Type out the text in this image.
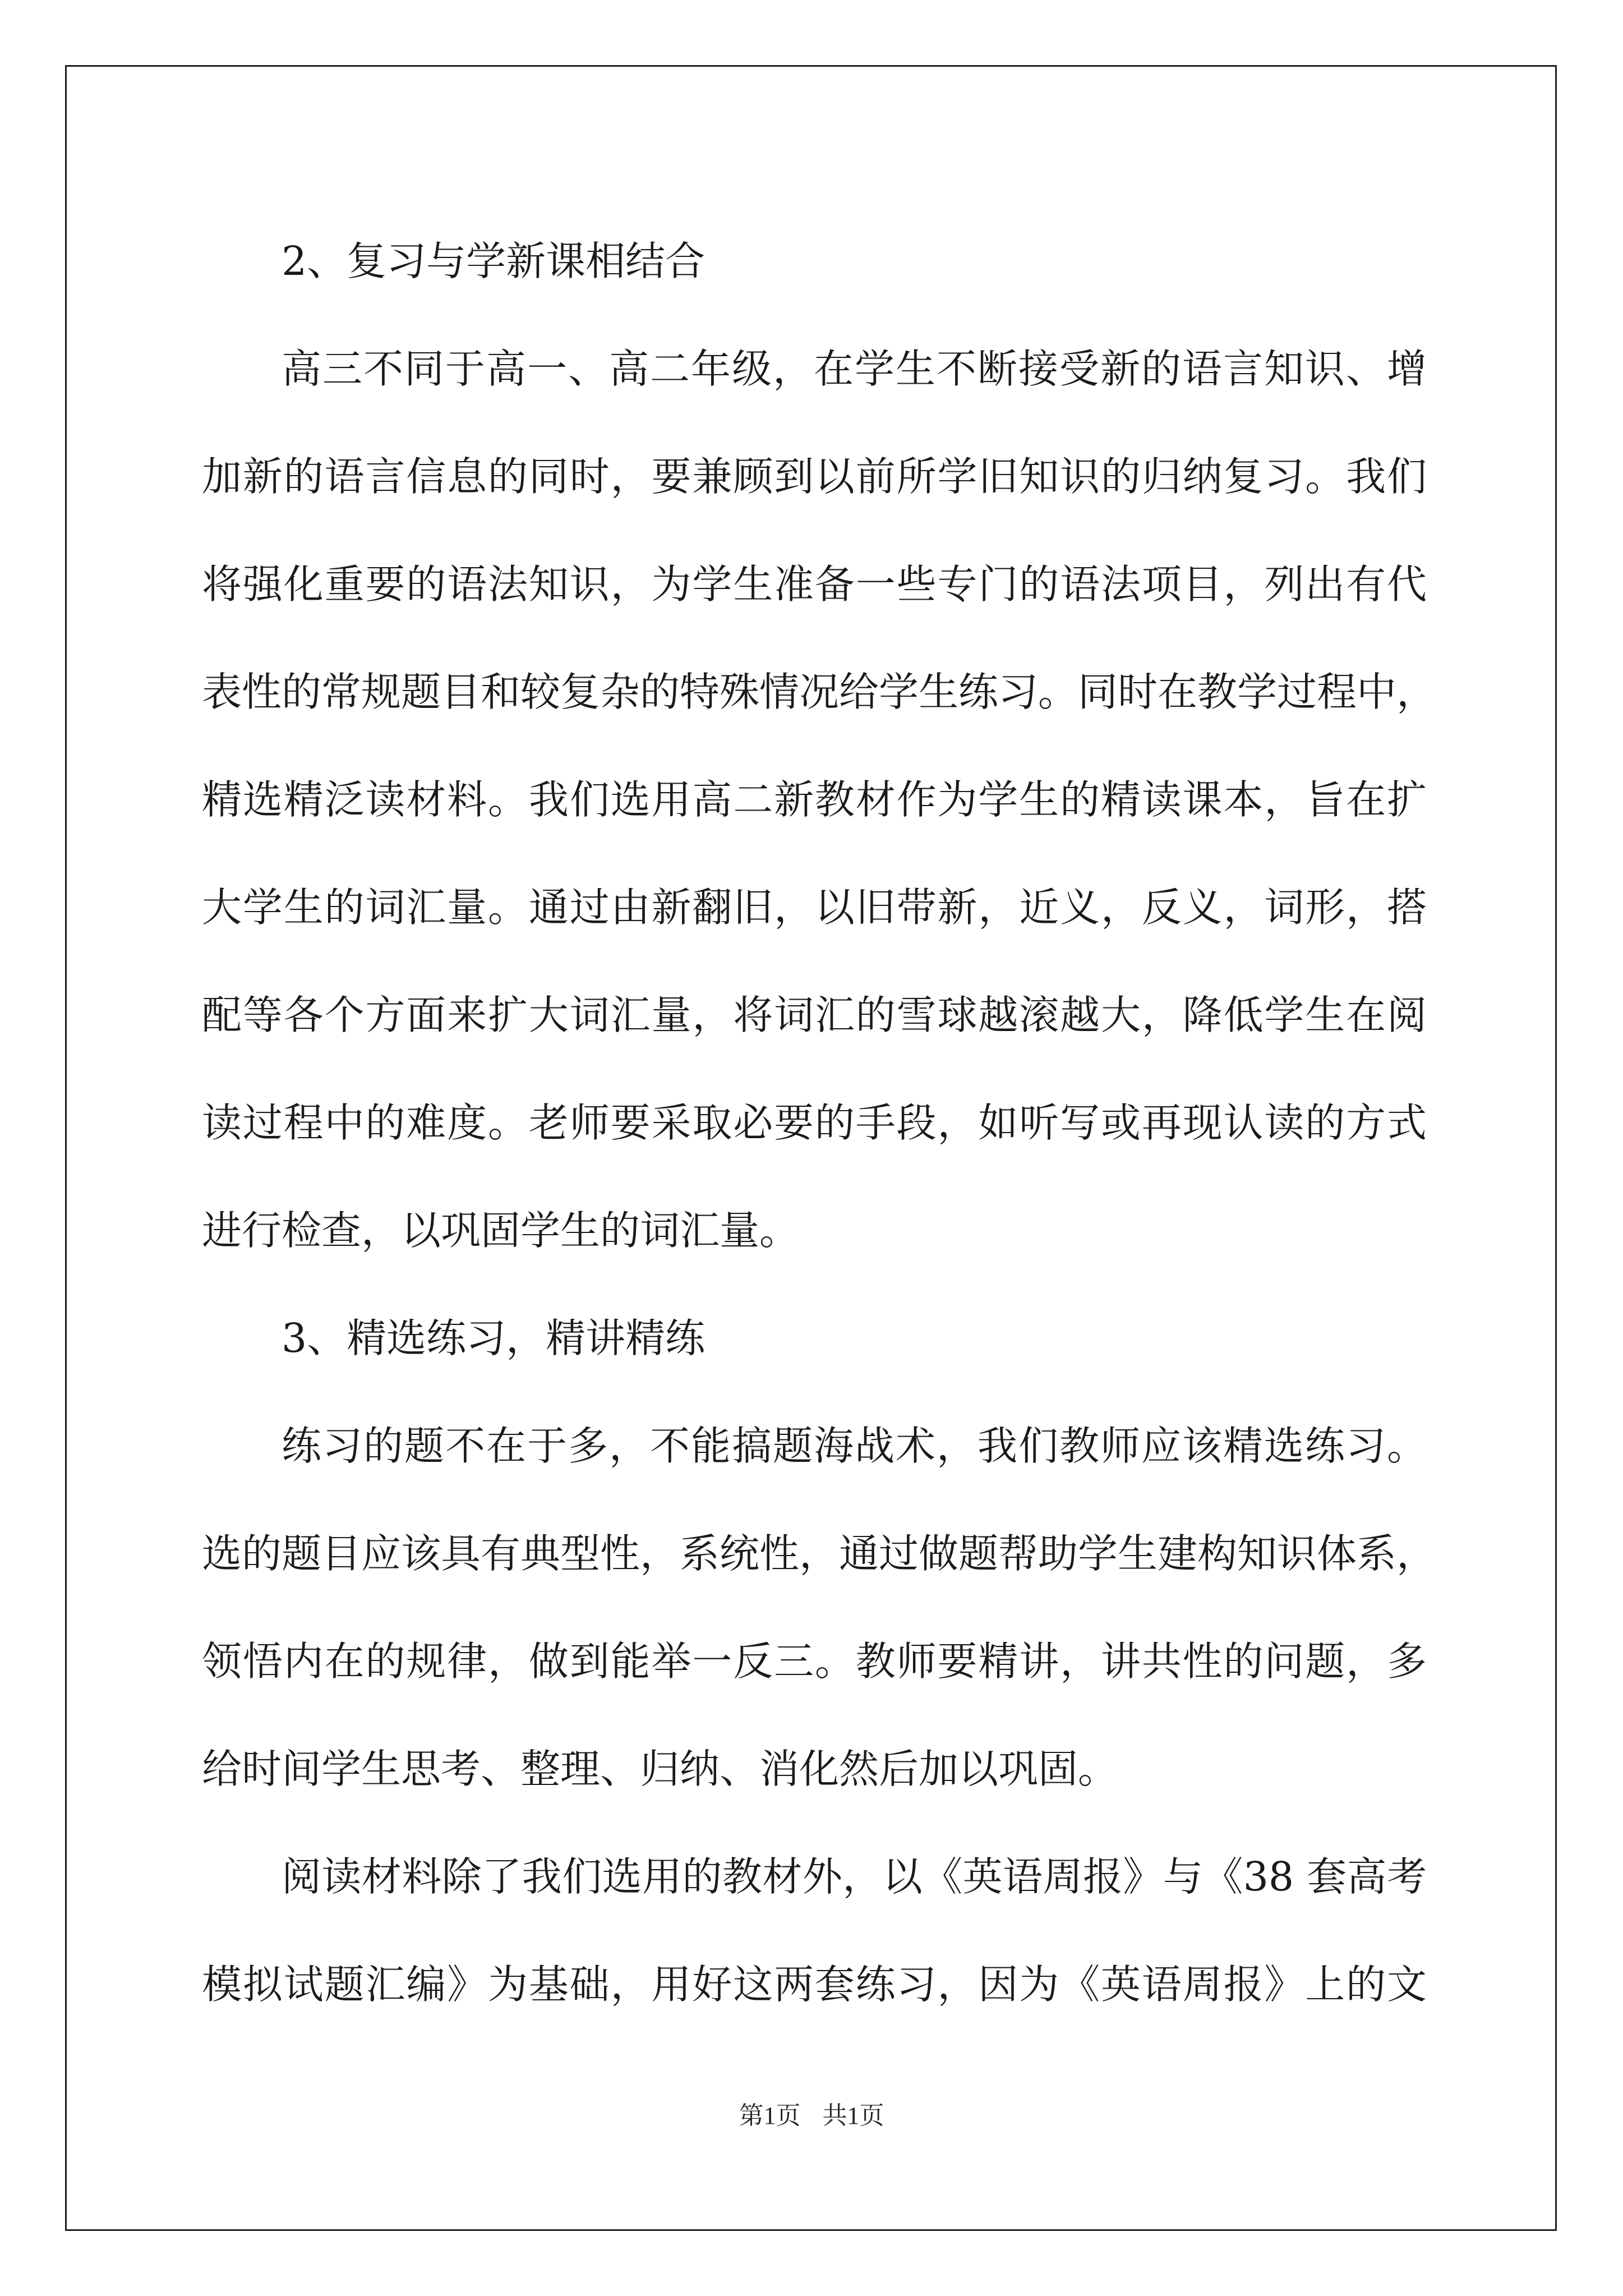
2、复习与学新课相结合
高三不同于高一、高二年级，在学生不断接受新的语言知识、增
加新的语言信息的同时，要兼顾到以前所学旧知识的归纳复习。我们
将强化重要的语法知识，为学生准备一些专门的语法项目，列出有代
表性的常规题目和较复杂的特殊情况给学生练习。同时在教学过程中，
精选精泛读材料。我们选用高二新教材作为学生的精读课本，旨在扩
大学生的词汇量。通过由新翻旧，以旧带新，近义，反义，词形，搭
配等各个方面来扩大词汇量，将词汇的雪球越滚越大，降低学生在阅
读过程中的难度。老师要采取必要的手段，如听写或再现认读的方式
进行检查，以巩固学生的词汇量。
3、精选练习，精讲精练
练习的题不在于多，不能搞题海战术，我们教师应该精选练习。
选的题目应该具有典型性，系统性，通过做题帮助学生建构知识体系，
领悟内在的规律，做到能举一反三。教师要精讲，讲共性的问题，多
给时间学生思考、整理、归纳、消化然后加以巩固。
阅读材料除了我们选用的教材外，以《英语周报》与《38 套高考
模拟试题汇编》为基础，用好这两套练习，因为《英语周报》上的文
第1页 共1页
